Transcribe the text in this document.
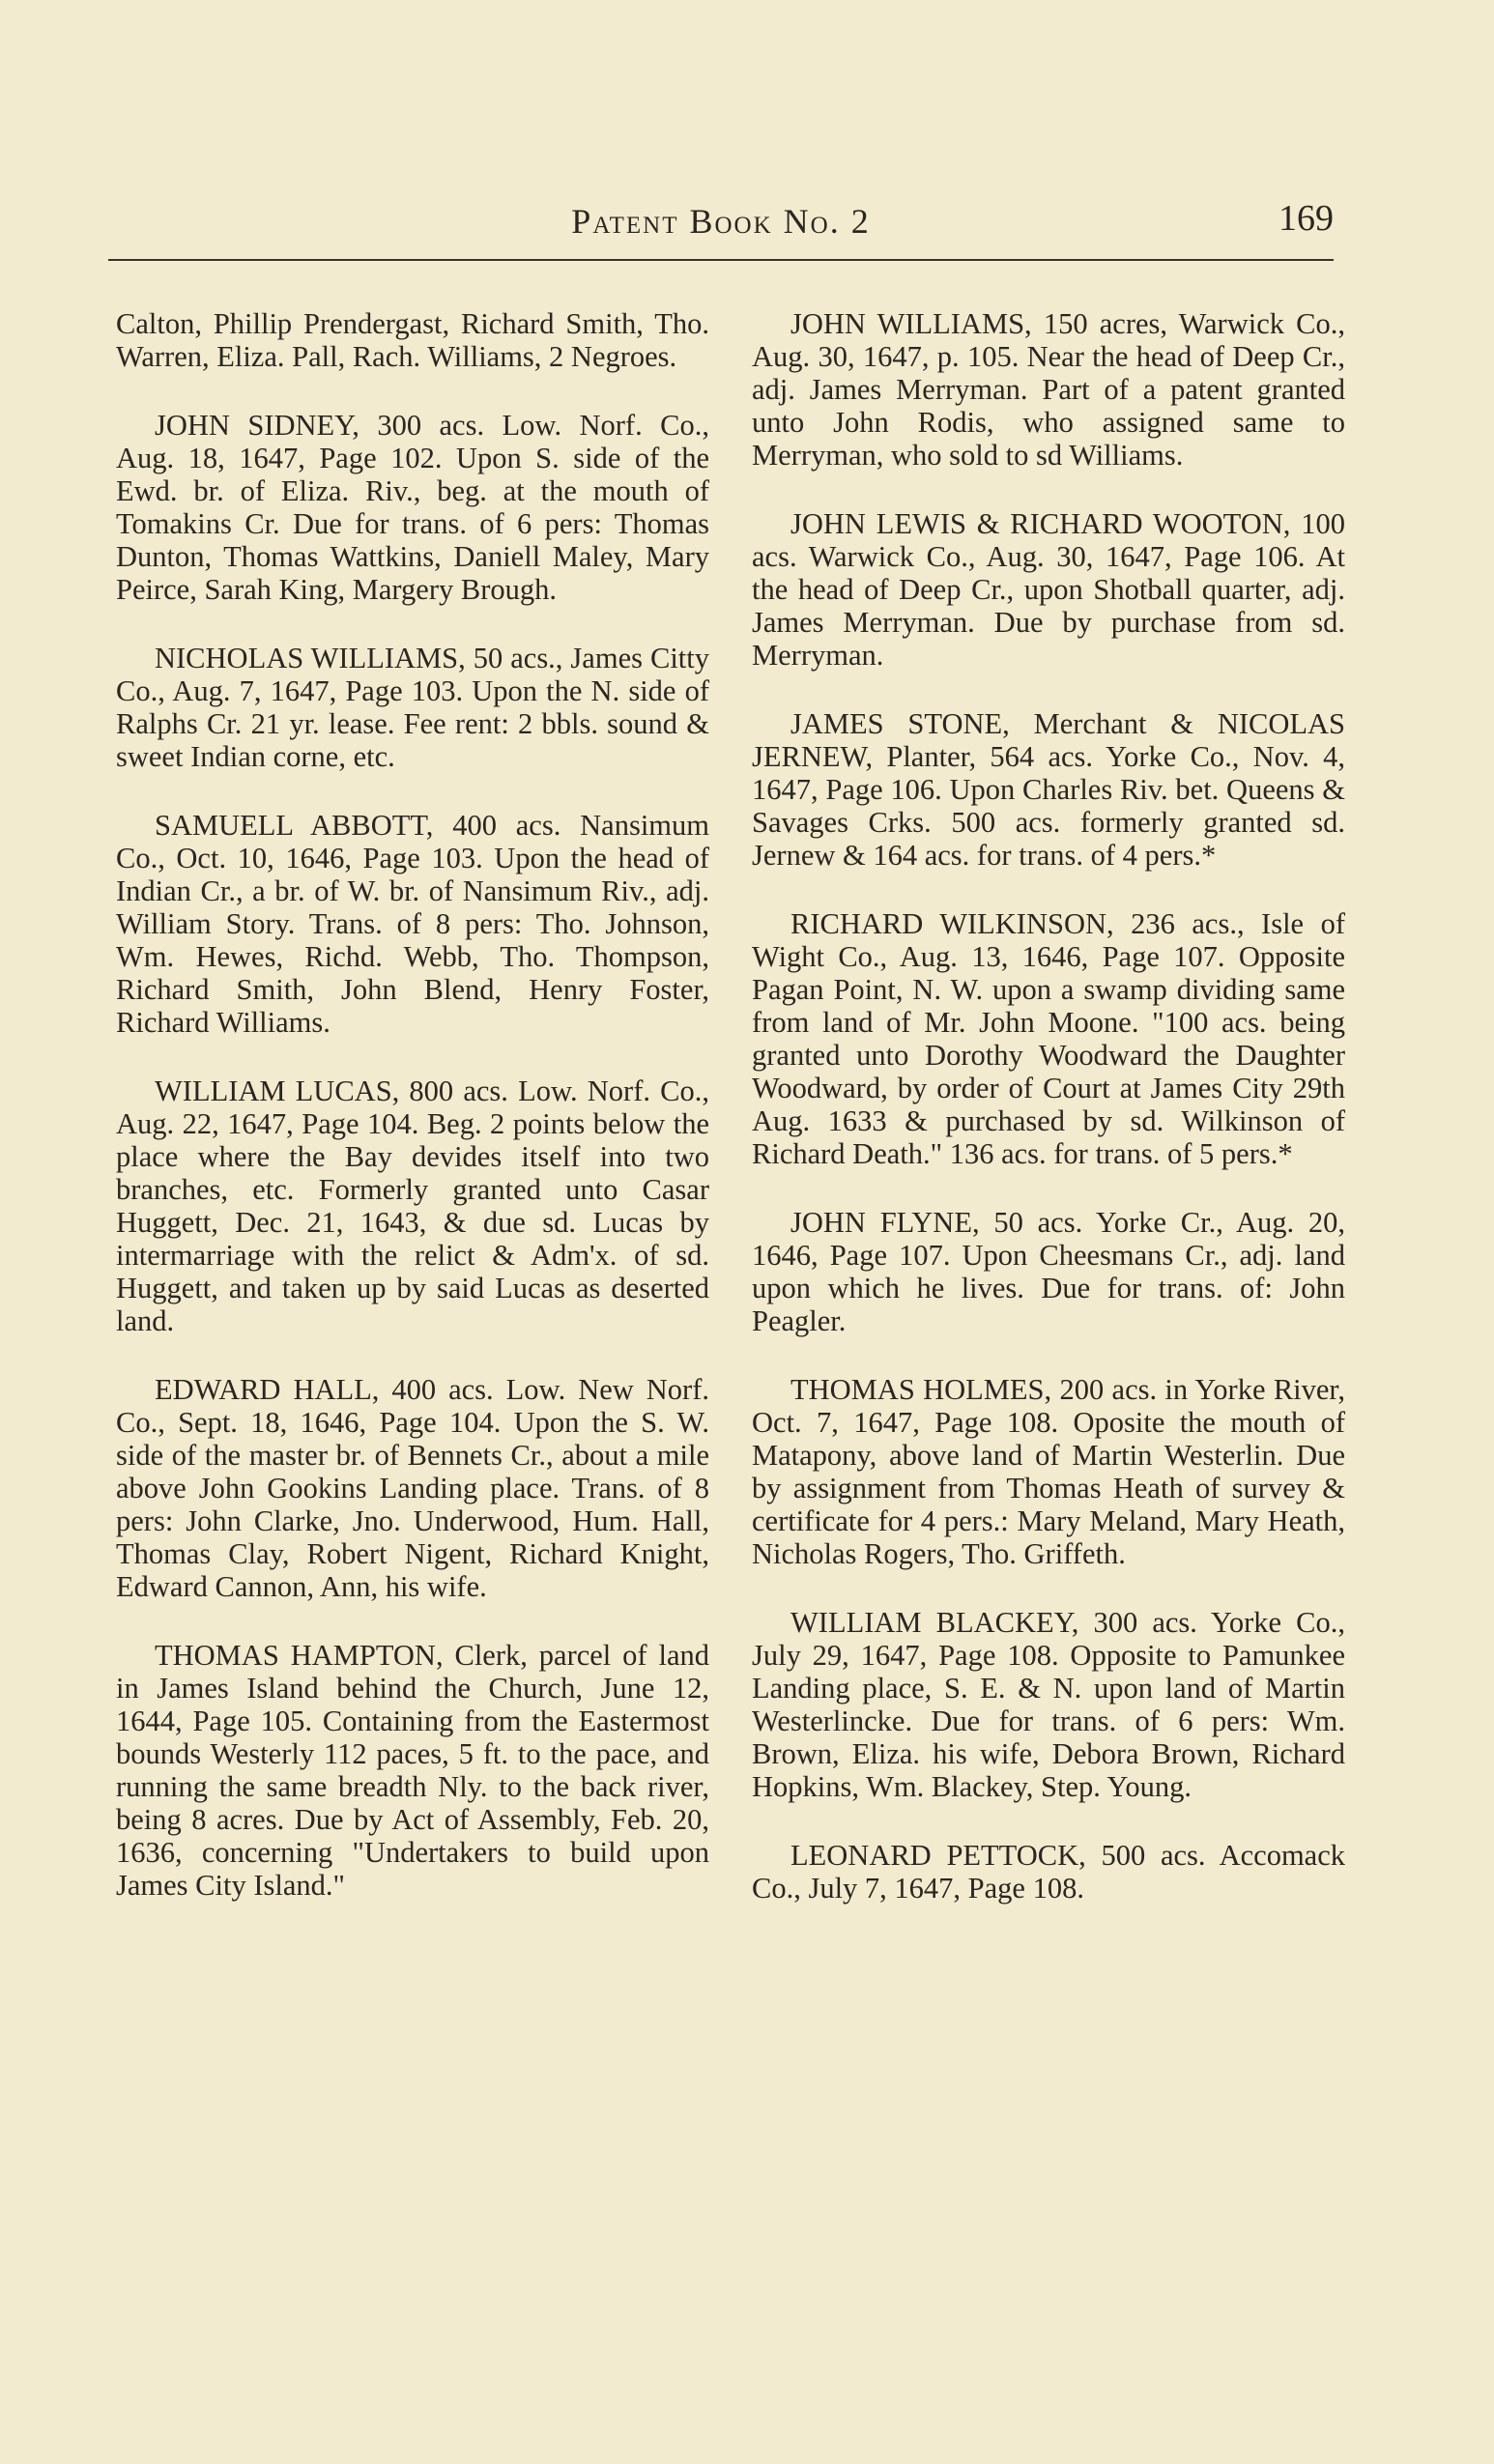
Patent Book No. 2	169

Calton, Phillip Prendergast, Richard Smith, Tho. Warren, Eliza. Pall, Rach. Williams, 2 Negroes.

JOHN SIDNEY, 300 acs. Low. Norf. Co., Aug. 18, 1647, Page 102. Upon S. side of the Ewd. br. of Eliza. Riv., beg. at the mouth of Tomakins Cr. Due for trans. of 6 pers: Thomas Dunton, Thomas Wattkins, Daniell Maley, Mary Peirce, Sarah King, Margery Brough.

NICHOLAS WILLIAMS, 50 acs., James Citty Co., Aug. 7, 1647, Page 103. Upon the N. side of Ralphs Cr. 21 yr. lease. Fee rent: 2 bbls. sound & sweet Indian corne, etc.

SAMUELL ABBOTT, 400 acs. Nansimum Co., Oct. 10, 1646, Page 103. Upon the head of Indian Cr., a br. of W. br. of Nansimum Riv., adj. William Story. Trans. of 8 pers: Tho. Johnson, Wm. Hewes, Richd. Webb, Tho. Thompson, Richard Smith, John Blend, Henry Foster, Richard Williams.

WILLIAM LUCAS, 800 acs. Low. Norf. Co., Aug. 22, 1647, Page 104. Beg. 2 points below the place where the Bay devides itself into two branches, etc. Formerly granted unto Casar Huggett, Dec. 21, 1643, & due sd. Lucas by intermarriage with the relict & Adm'x. of sd. Huggett, and taken up by said Lucas as deserted land.

EDWARD HALL, 400 acs. Low. New Norf. Co., Sept. 18, 1646, Page 104. Upon the S. W. side of the master br. of Bennets Cr., about a mile above John Gookins Landing place. Trans. of 8 pers: John Clarke, Jno. Underwood, Hum. Hall, Thomas Clay, Robert Nigent, Richard Knight, Edward Cannon, Ann, his wife.

THOMAS HAMPTON, Clerk, parcel of land in James Island behind the Church, June 12, 1644, Page 105. Containing from the Eastermost bounds Westerly 112 paces, 5 ft. to the pace, and running the same breadth Nly. to the back river, being 8 acres. Due by Act of Assembly, Feb. 20, 1636, concerning "Undertakers to build upon James City Island."

JOHN WILLIAMS, 150 acres, Warwick Co., Aug. 30, 1647, p. 105. Near the head of Deep Cr., adj. James Merryman. Part of a patent granted unto John Rodis, who assigned same to Merryman, who sold to sd Williams.

JOHN LEWIS & RICHARD WOOTON, 100 acs. Warwick Co., Aug. 30, 1647, Page 106. At the head of Deep Cr., upon Shotball quarter, adj. James Merryman. Due by purchase from sd. Merryman.

JAMES STONE, Merchant & NICOLAS JERNEW, Planter, 564 acs. Yorke Co., Nov. 4, 1647, Page 106. Upon Charles Riv. bet. Queens & Savages Crks. 500 acs. formerly granted sd. Jernew & 164 acs. for trans. of 4 pers.*

RICHARD WILKINSON, 236 acs., Isle of Wight Co., Aug. 13, 1646, Page 107. Opposite Pagan Point, N. W. upon a swamp dividing same from land of Mr. John Moone. "100 acs. being granted unto Dorothy Woodward the Daughter Woodward, by order of Court at James City 29th Aug. 1633 & purchased by sd. Wilkinson of Richard Death." 136 acs. for trans. of 5 pers.*

JOHN FLYNE, 50 acs. Yorke Cr., Aug. 20, 1646, Page 107. Upon Cheesmans Cr., adj. land upon which he lives. Due for trans. of: John Peagler.

THOMAS HOLMES, 200 acs. in Yorke River, Oct. 7, 1647, Page 108. Oposite the mouth of Matapony, above land of Martin Westerlin. Due by assignment from Thomas Heath of survey & certificate for 4 pers.: Mary Meland, Mary Heath, Nicholas Rogers, Tho. Griffeth.

WILLIAM BLACKEY, 300 acs. Yorke Co., July 29, 1647, Page 108. Opposite to Pamunkee Landing place, S. E. & N. upon land of Martin Westerlincke. Due for trans. of 6 pers: Wm. Brown, Eliza. his wife, Debora Brown, Richard Hopkins, Wm. Blackey, Step. Young.

LEONARD PETTOCK, 500 acs. Accomack Co., July 7, 1647, Page 108.
